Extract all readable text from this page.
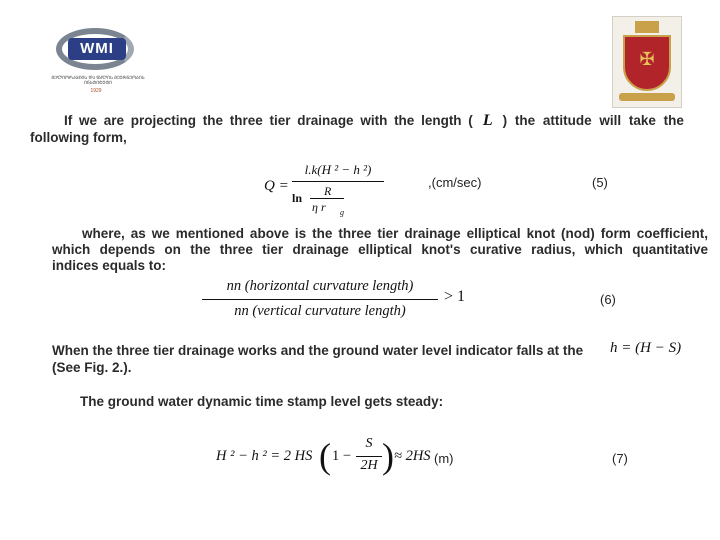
WMI
ᲛᲔᲚᲘᲝᲠᲐᲪᲘᲘᲡ ᲓᲐ ᲬᲧᲚᲘᲡ ᲛᲔᲣᲠᲜᲔᲝᲑᲘᲡ ᲘᲜᲡᲢᲘᲢᲣᲢᲘ
1929
✠
If we are projecting the three tier drainage with the length ( L ) the attitude will take the
following form,
Q =
l.k(H ² − h ²)
R
ln
η r g
,(cm/sec)	(5)
where, as we mentioned above is the three tier drainage elliptical knot (nod) form coefficient,
which depends on the three tier drainage elliptical knot's curative radius, which quantitative
indices equals to:
nn (horizontal curvature length)
nn (vertical curvature length)
> 1	(6)
When the three tier drainage works and the ground water level indicator falls at the
(See Fig. 2.).
h = (H − S)
The ground water dynamic time stamp level gets steady:
H ² − h ² = 2 HS ( 1 −
S
2H ) ≈ 2HS (m)	(7)
